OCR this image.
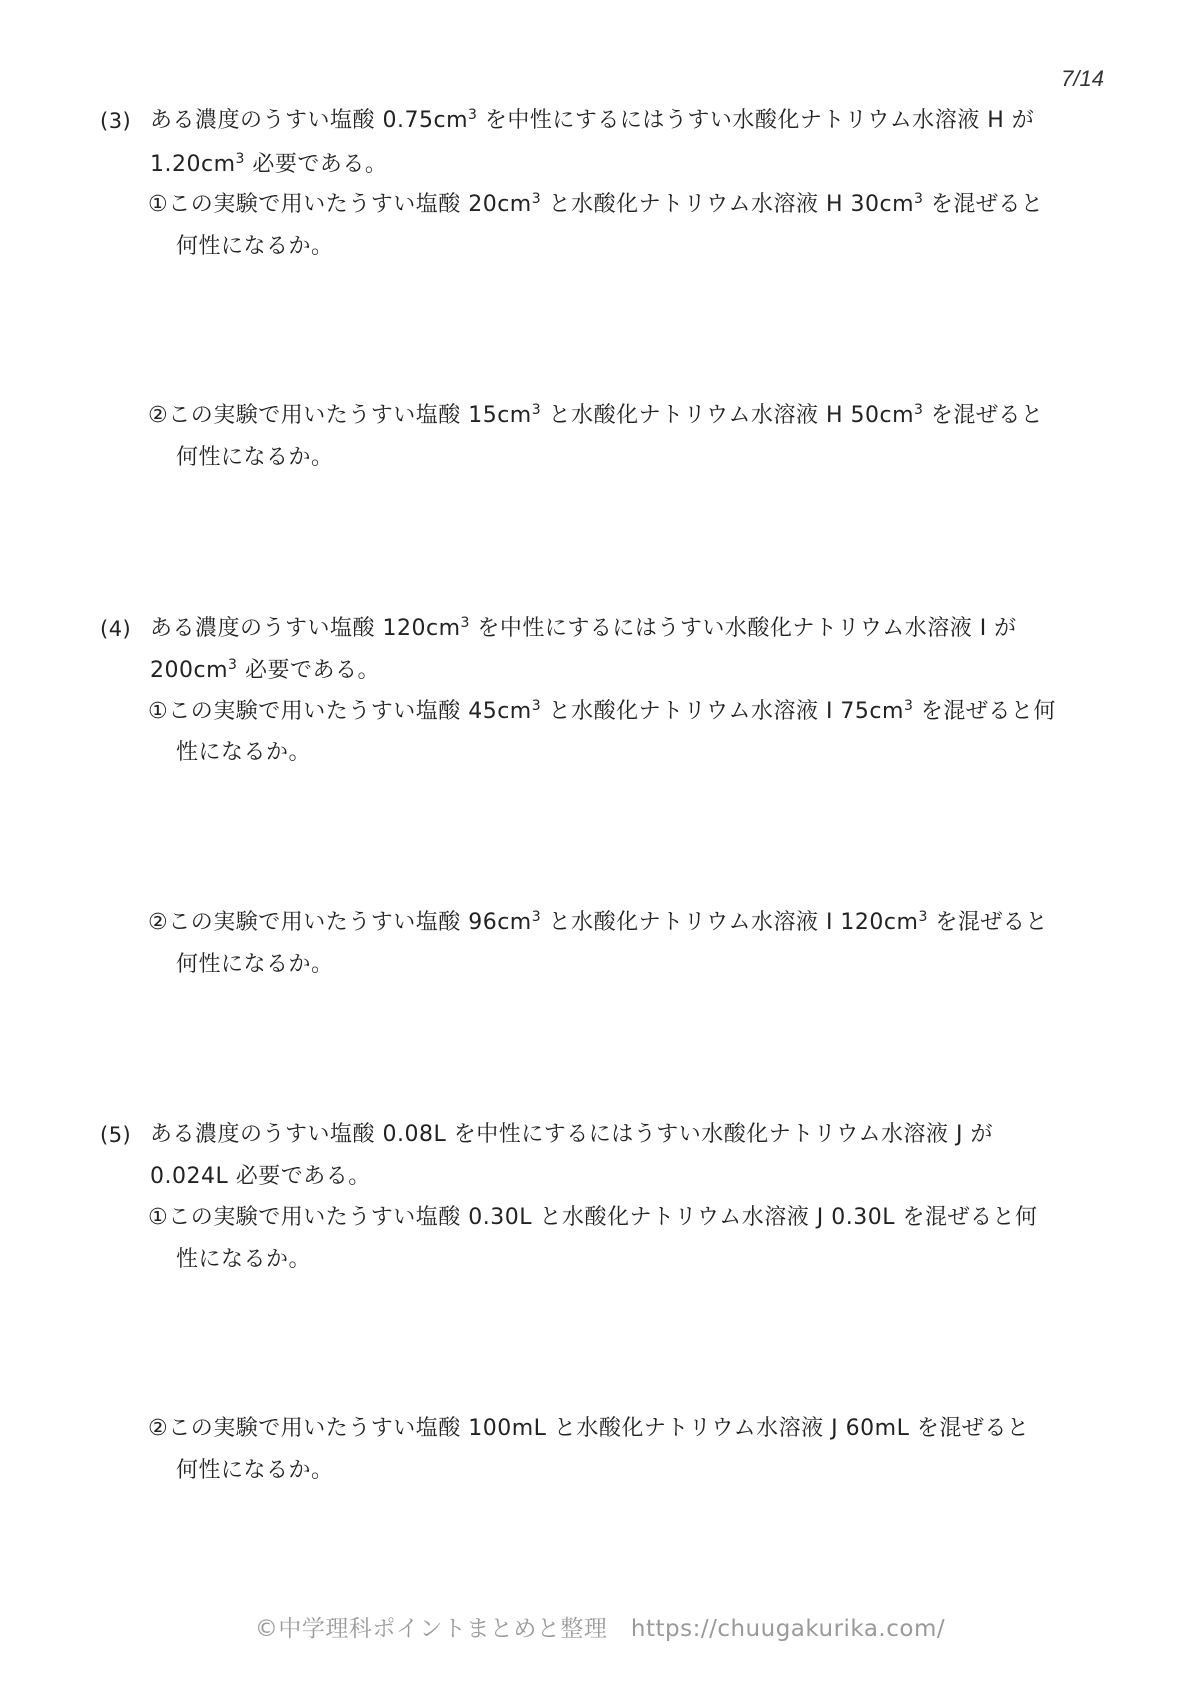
7/14
(3) ある濃度のうすい塩酸 $0.75cm^3$ を中性にするにはうすい水酸化ナトリウム水溶液 H が
$1.20cm^3$ 必要である。
①この実験で用いたうすい塩酸 $20cm^3$ と水酸化ナトリウム水溶液 H $30cm^3$ を混ぜると
何性になるか。
②この実験で用いたうすい塩酸 $15cm^3$ と水酸化ナトリウム水溶液 H $50cm^3$ を混ぜると
何性になるか。
(4) ある濃度のうすい塩酸 $120cm^3$ を中性にするにはうすい水酸化ナトリウム水溶液 I が
$200cm^3$ 必要である。
①この実験で用いたうすい塩酸 $45cm^3$ と水酸化ナトリウム水溶液 I $75cm^3$ を混ぜると何
性になるか。
②この実験で用いたうすい塩酸 $96cm^3$ と水酸化ナトリウム水溶液 I $120cm^3$ を混ぜると
何性になるか。
(5) ある濃度のうすい塩酸 0.08L を中性にするにはうすい水酸化ナトリウム水溶液 J が
0.024L 必要である。
①この実験で用いたうすい塩酸 0.30L と水酸化ナトリウム水溶液 J 0.30L を混ぜると何
性になるか。
②この実験で用いたうすい塩酸 100mL と水酸化ナトリウム水溶液 J 60mL を混ぜると
何性になるか。
©中学理科ポイントまとめと整理　https://chuugakurika.com/
